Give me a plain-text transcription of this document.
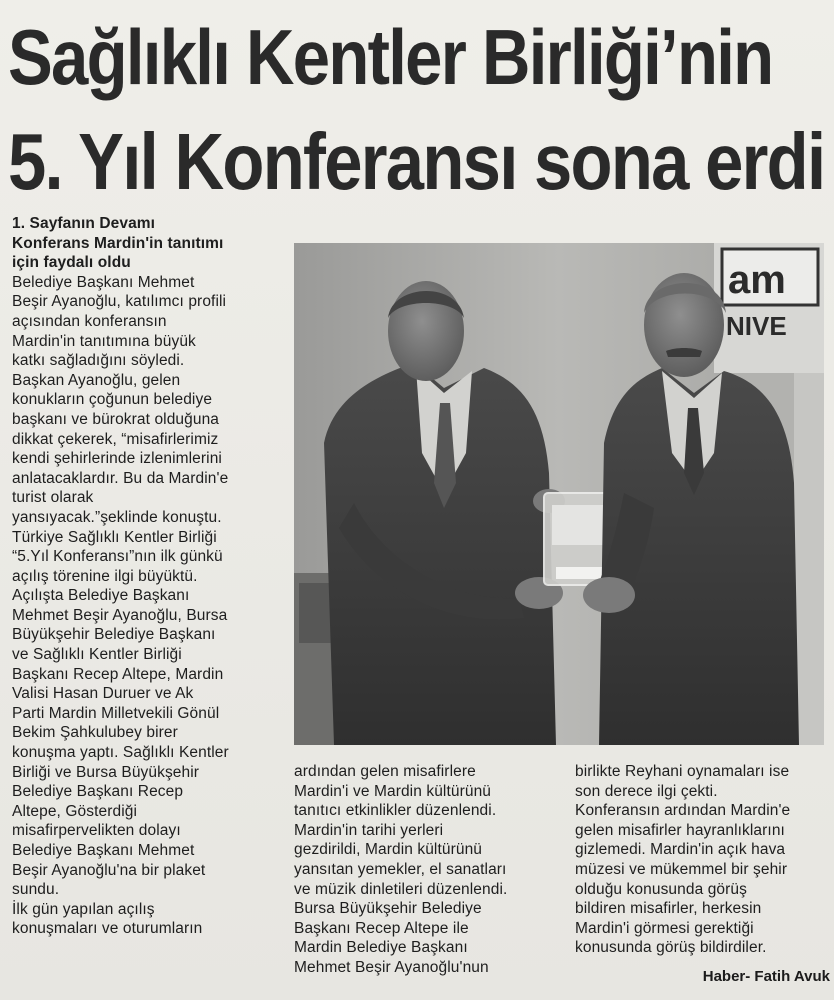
Sağlıklı Kentler Birliği’nin
5. Yıl Konferansı sona erdi

1. Sayfanın Devamı

Konferans Mardin'in tanıtımı

için faydalı oldu

Belediye Başkanı Mehmet

Beşir Ayanoğlu, katılımcı profili

açısından konferansın

Mardin'in tanıtımına büyük

katkı sağladığını söyledi.

Başkan Ayanoğlu, gelen

konukların çoğunun belediye

başkanı ve bürokrat olduğuna

dikkat çekerek, “misafirlerimiz

kendi şehirlerinde izlenimlerini

anlatacaklardır. Bu da Mardin'e

turist olarak

yansıyacak.”şeklinde konuştu.

Türkiye Sağlıklı Kentler Birliği

“5.Yıl Konferansı”nın ilk günkü

açılış törenine ilgi büyüktü.

Açılışta Belediye Başkanı

Mehmet Beşir Ayanoğlu, Bursa

Büyükşehir Belediye Başkanı

ve Sağlıklı Kentler Birliği

Başkanı Recep Altepe, Mardin

Valisi Hasan Duruer ve Ak

Parti Mardin Milletvekili Gönül

Bekim Şahkulubey birer

konuşma yaptı. Sağlıklı Kentler

Birliği ve Bursa Büyükşehir

Belediye Başkanı Recep

Altepe, Gösterdiği

misafirpervelikten dolayı

Belediye Başkanı Mehmet

Beşir Ayanoğlu'na bir plaket

sundu.

İlk gün yapılan açılış

konuşmaları ve oturumların

am
NIVE

ardından gelen misafirlere

Mardin'i ve Mardin kültürünü

tanıtıcı etkinlikler düzenlendi.

Mardin'in tarihi yerleri

gezdirildi, Mardin kültürünü

yansıtan yemekler, el sanatları

ve müzik dinletileri düzenlendi.

Bursa Büyükşehir Belediye

Başkanı Recep Altepe ile

Mardin Belediye Başkanı

Mehmet Beşir Ayanoğlu'nun

birlikte Reyhani oynamaları ise

son derece ilgi çekti.

Konferansın ardından Mardin'e

gelen misafirler hayranlıklarını

gizlemedi. Mardin'in açık hava

müzesi ve mükemmel bir şehir

olduğu konusunda görüş

bildiren misafirler, herkesin

Mardin'i görmesi gerektiği

konusunda görüş bildirdiler.

Haber- Fatih Avuk
